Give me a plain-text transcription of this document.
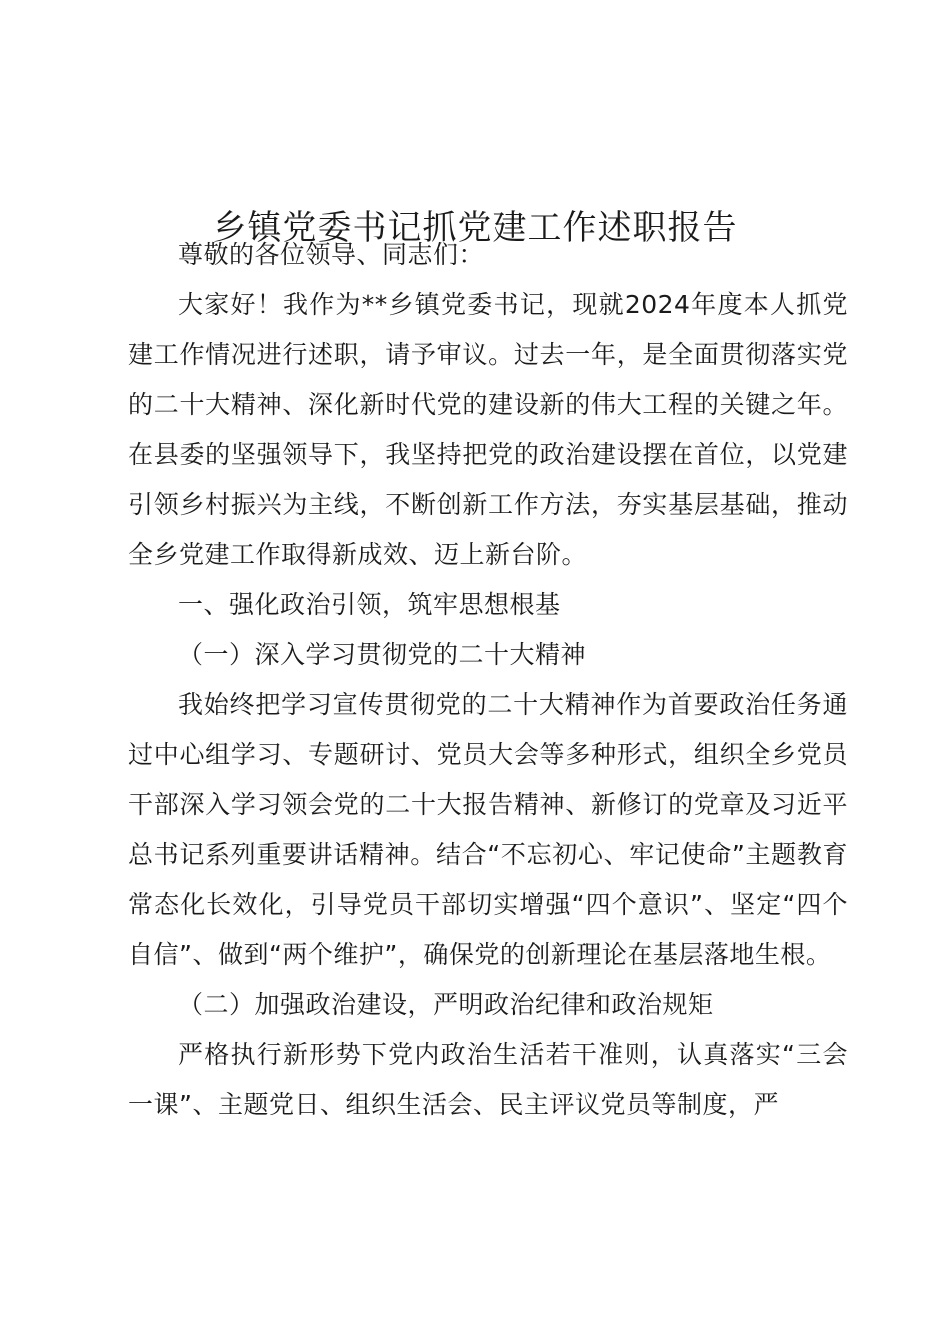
乡镇党委书记抓党建工作述职报告

尊敬的各位领导、同志们：

大家好！我作为**乡镇党委书记，现就2024年度本人抓党建工作情况进行述职，请予审议。过去一年，是全面贯彻落实党的二十大精神、深化新时代党的建设新的伟大工程的关键之年。在县委的坚强领导下，我坚持把党的政治建设摆在首位，以党建引领乡村振兴为主线，不断创新工作方法，夯实基层基础，推动全乡党建工作取得新成效、迈上新台阶。

一、强化政治引领，筑牢思想根基

（一）深入学习贯彻党的二十大精神

我始终把学习宣传贯彻党的二十大精神作为首要政治任务通过中心组学习、专题研讨、党员大会等多种形式，组织全乡党员干部深入学习领会党的二十大报告精神、新修订的党章及习近平总书记系列重要讲话精神。结合“不忘初心、牢记使命”主题教育常态化长效化，引导党员干部切实增强“四个意识”、坚定“四个自信”、做到“两个维护”，确保党的创新理论在基层落地生根。

（二）加强政治建设，严明政治纪律和政治规矩

严格执行新形势下党内政治生活若干准则，认真落实“三会一课”、主题党日、组织生活会、民主评议党员等制度，严
